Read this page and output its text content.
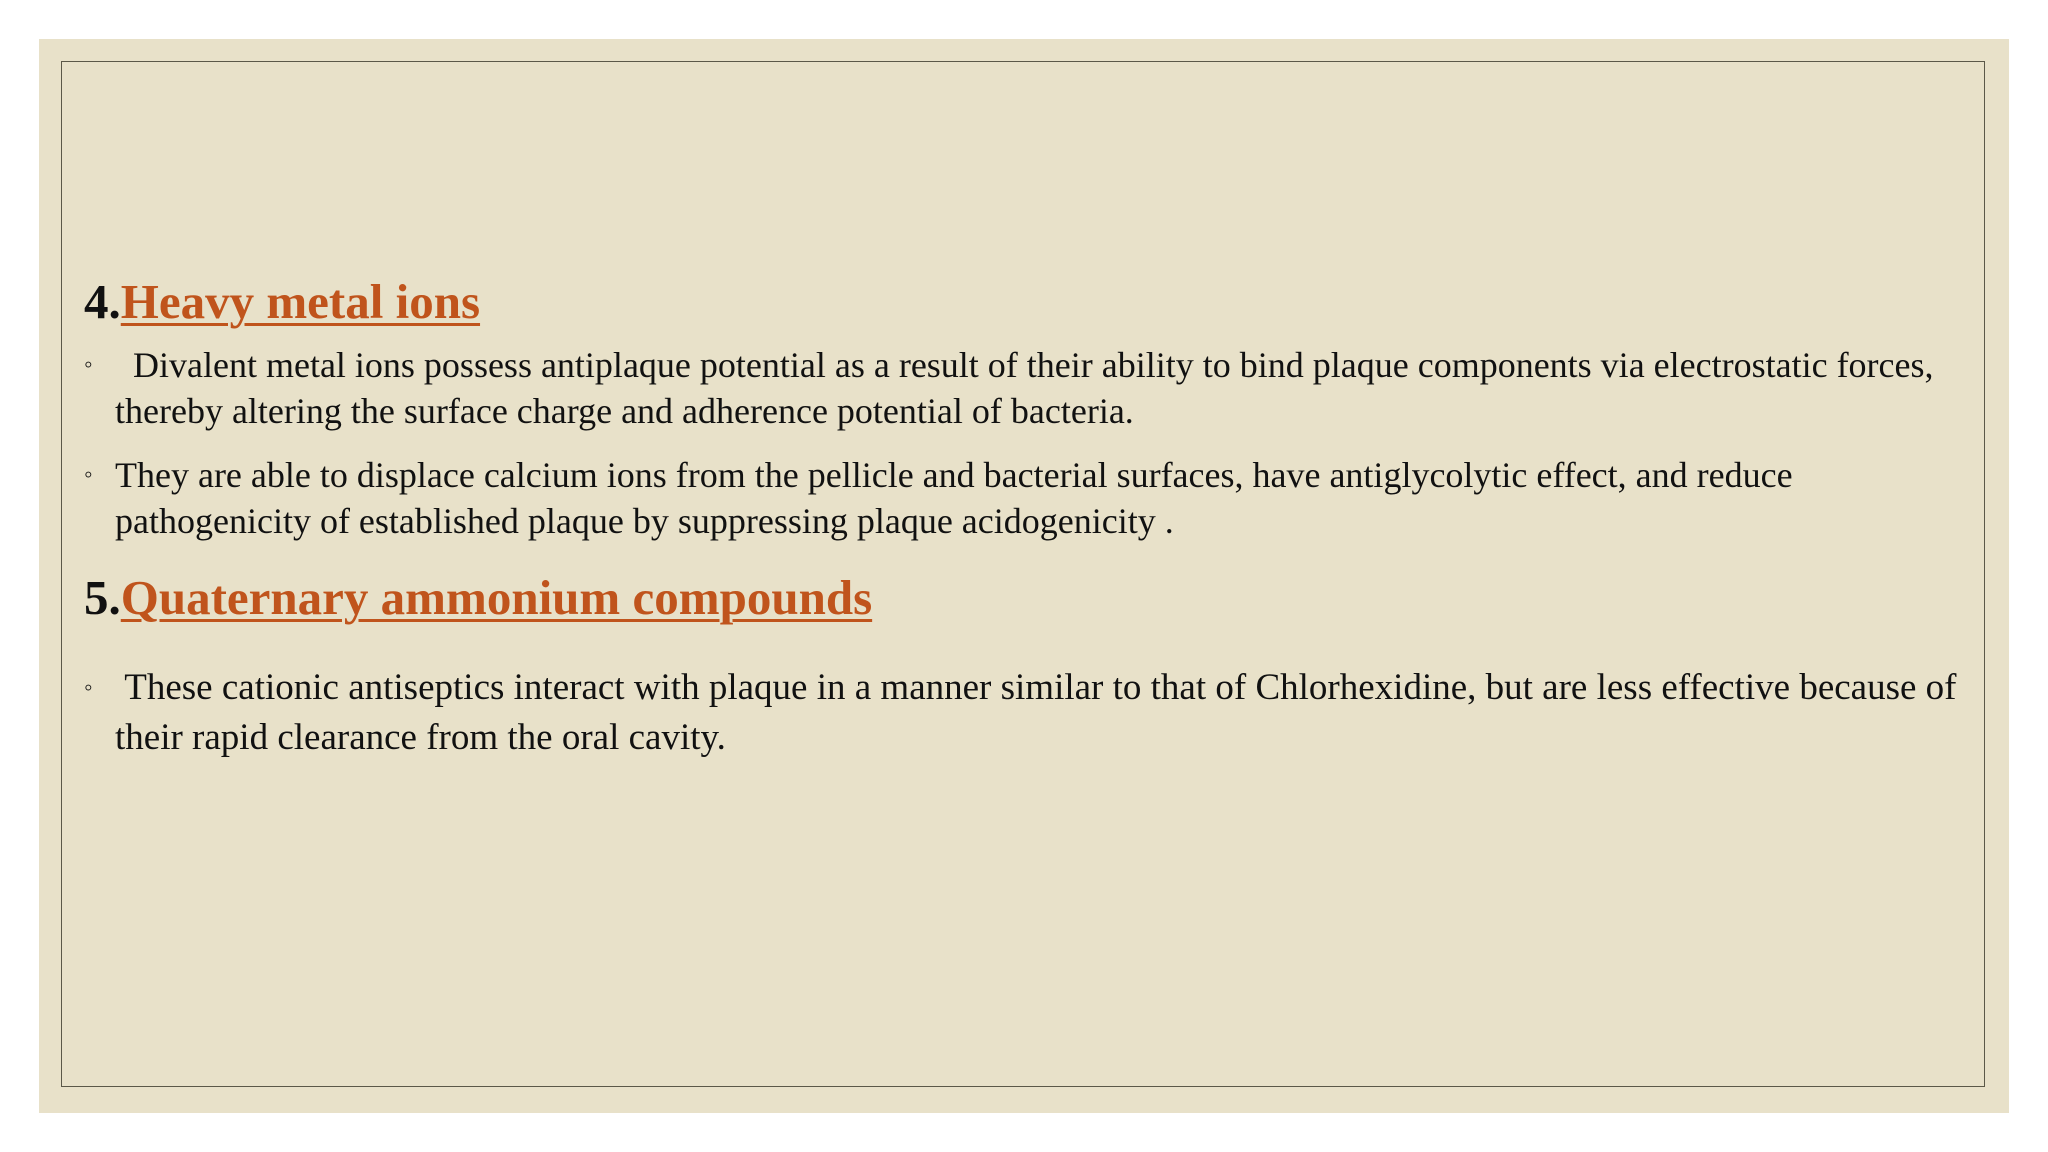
4.Heavy metal ions
◦ Divalent metal ions possess antiplaque potential as a result of their ability to bind plaque components via electrostatic forces, thereby altering the surface charge and adherence potential of bacteria.
◦ They are able to displace calcium ions from the pellicle and bacterial surfaces, have antiglycolytic effect, and reduce pathogenicity of established plaque by suppressing plaque acidogenicity .
5.Quaternary ammonium compounds
◦ These cationic antiseptics interact with plaque in a manner similar to that of Chlorhexidine, but are less effective because of their rapid clearance from the oral cavity.
